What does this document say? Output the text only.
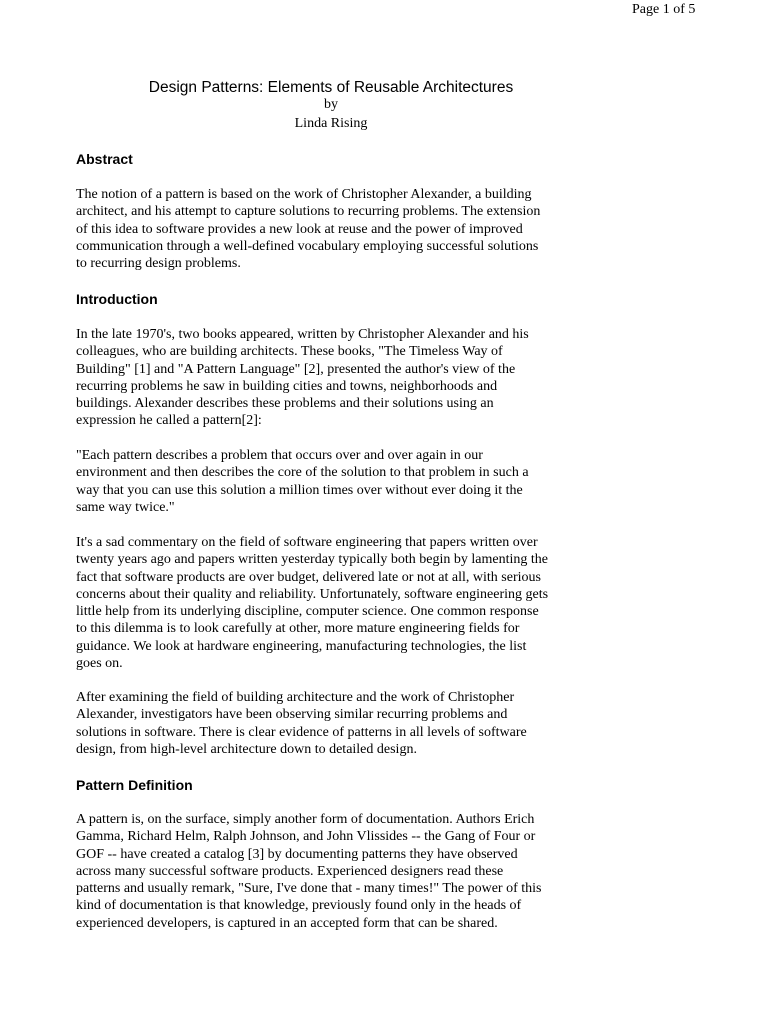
Page 1 of 5
Design Patterns: Elements of Reusable Architectures
by
Linda Rising
Abstract
The notion of a pattern is based on the work of Christopher Alexander, a building
architect, and his attempt to capture solutions to recurring problems. The extension
of this idea to software provides a new look at reuse and the power of improved
communication through a well-defined vocabulary employing successful solutions
to recurring design problems.
Introduction
In the late 1970's, two books appeared, written by Christopher Alexander and his
colleagues, who are building architects. These books, "The Timeless Way of
Building" [1] and "A Pattern Language" [2], presented the author's view of the
recurring problems he saw in building cities and towns, neighborhoods and
buildings. Alexander describes these problems and their solutions using an
expression he called a pattern[2]:
"Each pattern describes a problem that occurs over and over again in our
environment and then describes the core of the solution to that problem in such a
way that you can use this solution a million times over without ever doing it the
same way twice."
It's a sad commentary on the field of software engineering that papers written over
twenty years ago and papers written yesterday typically both begin by lamenting the
fact that software products are over budget, delivered late or not at all, with serious
concerns about their quality and reliability. Unfortunately, software engineering gets
little help from its underlying discipline, computer science. One common response
to this dilemma is to look carefully at other, more mature engineering fields for
guidance. We look at hardware engineering, manufacturing technologies, the list
goes on.
After examining the field of building architecture and the work of Christopher
Alexander, investigators have been observing similar recurring problems and
solutions in software. There is clear evidence of patterns in all levels of software
design, from high-level architecture down to detailed design.
Pattern Definition
A pattern is, on the surface, simply another form of documentation. Authors Erich
Gamma, Richard Helm, Ralph Johnson, and John Vlissides -- the Gang of Four or
GOF -- have created a catalog [3] by documenting patterns they have observed
across many successful software products. Experienced designers read these
patterns and usually remark, "Sure, I've done that - many times!" The power of this
kind of documentation is that knowledge, previously found only in the heads of
experienced developers, is captured in an accepted form that can be shared.
